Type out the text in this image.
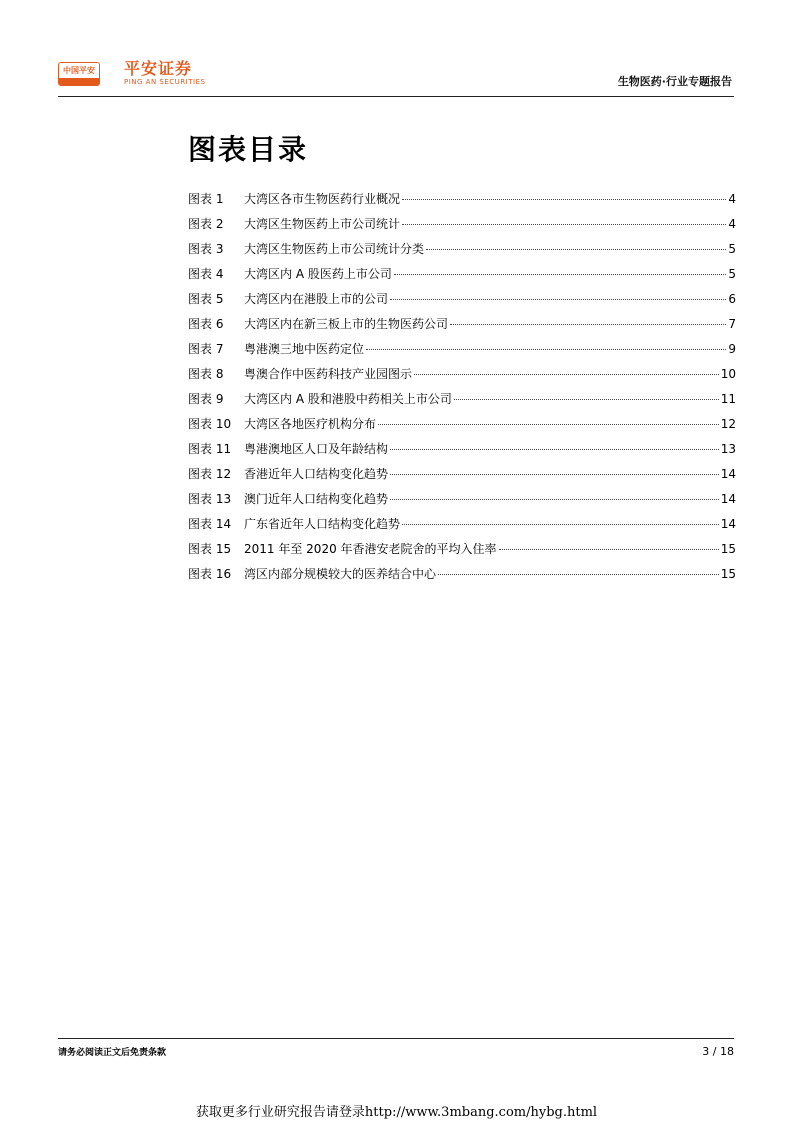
中国平安 平安证券
PING AN SECURITIES	生物医药·行业专题报告
图表目录
图表 1	大湾区各市生物医药行业概况	4
图表 2	大湾区生物医药上市公司统计	4
图表 3	大湾区生物医药上市公司统计分类	5
图表 4	大湾区内 A 股医药上市公司	5
图表 5	大湾区内在港股上市的公司	6
图表 6	大湾区内在新三板上市的生物医药公司	7
图表 7	粤港澳三地中医药定位	9
图表 8	粤澳合作中医药科技产业园图示	10
图表 9	大湾区内 A 股和港股中药相关上市公司	11
图表 10	大湾区各地医疗机构分布	12
图表 11	粤港澳地区人口及年龄结构	13
图表 12	香港近年人口结构变化趋势	14
图表 13	澳门近年人口结构变化趋势	14
图表 14	广东省近年人口结构变化趋势	14
图表 15	2011 年至 2020 年香港安老院舍的平均入住率	15
图表 16	湾区内部分规模较大的医养结合中心	15
请务必阅读正文后免责条款	3 / 18
获取更多行业研究报告请登录http://www.3mbang.com/hybg.html
